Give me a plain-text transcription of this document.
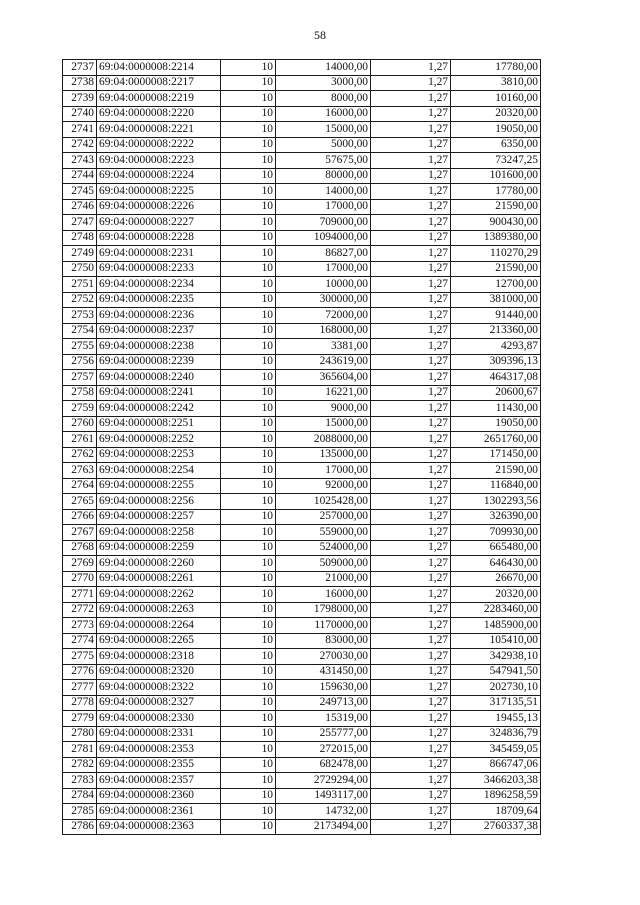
58
2737	69:04:0000008:2214	10	14000,00	1,27	17780,00
2738	69:04:0000008:2217	10	3000,00	1,27	3810,00
2739	69:04:0000008:2219	10	8000,00	1,27	10160,00
2740	69:04:0000008:2220	10	16000,00	1,27	20320,00
2741	69:04:0000008:2221	10	15000,00	1,27	19050,00
2742	69:04:0000008:2222	10	5000,00	1,27	6350,00
2743	69:04:0000008:2223	10	57675,00	1,27	73247,25
2744	69:04:0000008:2224	10	80000,00	1,27	101600,00
2745	69:04:0000008:2225	10	14000,00	1,27	17780,00
2746	69:04:0000008:2226	10	17000,00	1,27	21590,00
2747	69:04:0000008:2227	10	709000,00	1,27	900430,00
2748	69:04:0000008:2228	10	1094000,00	1,27	1389380,00
2749	69:04:0000008:2231	10	86827,00	1,27	110270,29
2750	69:04:0000008:2233	10	17000,00	1,27	21590,00
2751	69:04:0000008:2234	10	10000,00	1,27	12700,00
2752	69:04:0000008:2235	10	300000,00	1,27	381000,00
2753	69:04:0000008:2236	10	72000,00	1,27	91440,00
2754	69:04:0000008:2237	10	168000,00	1,27	213360,00
2755	69:04:0000008:2238	10	3381,00	1,27	4293,87
2756	69:04:0000008:2239	10	243619,00	1,27	309396,13
2757	69:04:0000008:2240	10	365604,00	1,27	464317,08
2758	69:04:0000008:2241	10	16221,00	1,27	20600,67
2759	69:04:0000008:2242	10	9000,00	1,27	11430,00
2760	69:04:0000008:2251	10	15000,00	1,27	19050,00
2761	69:04:0000008:2252	10	2088000,00	1,27	2651760,00
2762	69:04:0000008:2253	10	135000,00	1,27	171450,00
2763	69:04:0000008:2254	10	17000,00	1,27	21590,00
2764	69:04:0000008:2255	10	92000,00	1,27	116840,00
2765	69:04:0000008:2256	10	1025428,00	1,27	1302293,56
2766	69:04:0000008:2257	10	257000,00	1,27	326390,00
2767	69:04:0000008:2258	10	559000,00	1,27	709930,00
2768	69:04:0000008:2259	10	524000,00	1,27	665480,00
2769	69:04:0000008:2260	10	509000,00	1,27	646430,00
2770	69:04:0000008:2261	10	21000,00	1,27	26670,00
2771	69:04:0000008:2262	10	16000,00	1,27	20320,00
2772	69:04:0000008:2263	10	1798000,00	1,27	2283460,00
2773	69:04:0000008:2264	10	1170000,00	1,27	1485900,00
2774	69:04:0000008:2265	10	83000,00	1,27	105410,00
2775	69:04:0000008:2318	10	270030,00	1,27	342938,10
2776	69:04:0000008:2320	10	431450,00	1,27	547941,50
2777	69:04:0000008:2322	10	159630,00	1,27	202730,10
2778	69:04:0000008:2327	10	249713,00	1,27	317135,51
2779	69:04:0000008:2330	10	15319,00	1,27	19455,13
2780	69:04:0000008:2331	10	255777,00	1,27	324836,79
2781	69:04:0000008:2353	10	272015,00	1,27	345459,05
2782	69:04:0000008:2355	10	682478,00	1,27	866747,06
2783	69:04:0000008:2357	10	2729294,00	1,27	3466203,38
2784	69:04:0000008:2360	10	1493117,00	1,27	1896258,59
2785	69:04:0000008:2361	10	14732,00	1,27	18709,64
2786	69:04:0000008:2363	10	2173494,00	1,27	2760337,38
